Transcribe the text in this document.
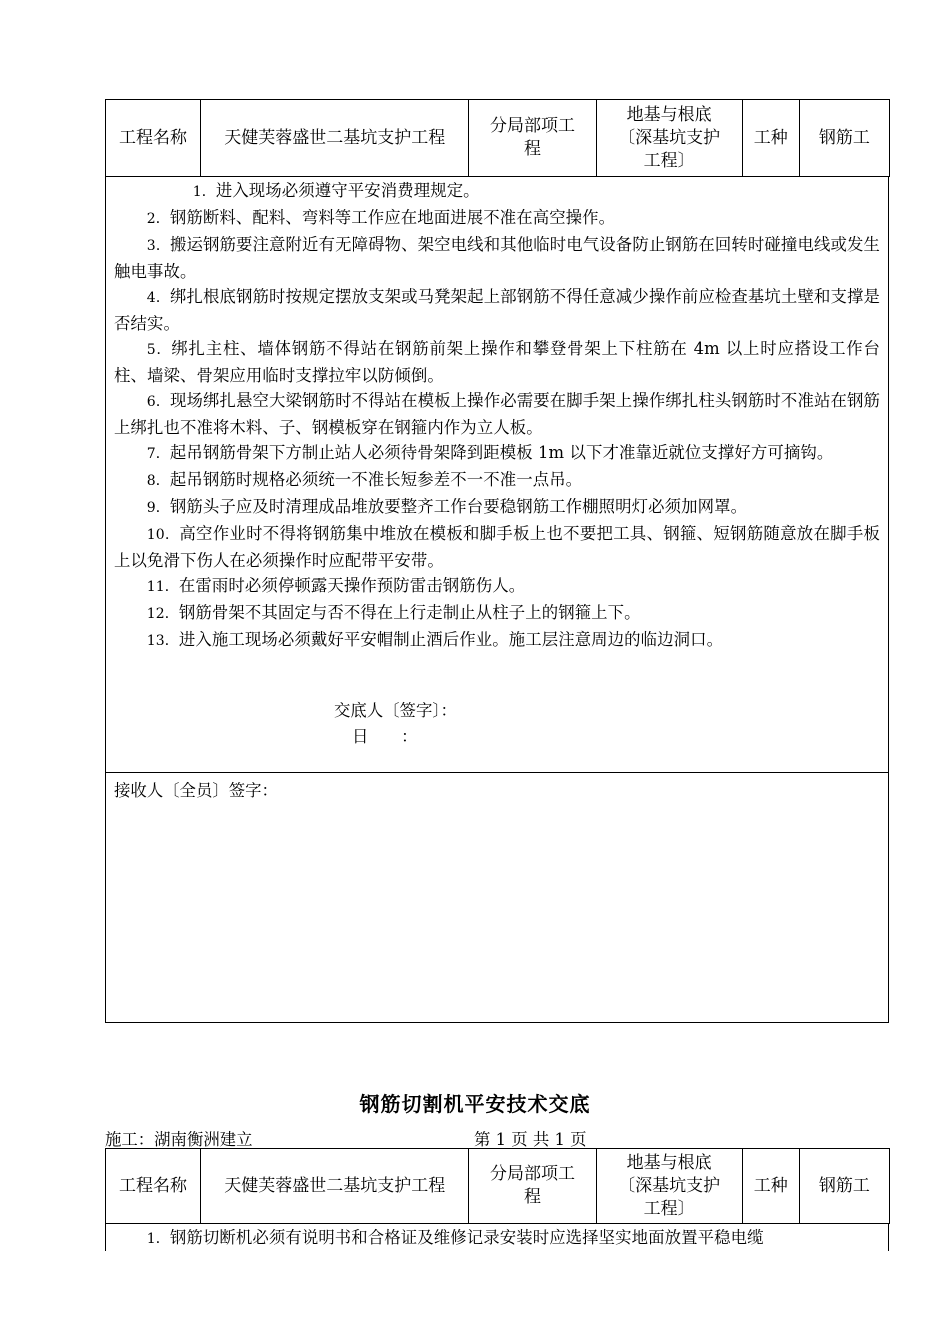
工程名称	天健芙蓉盛世二基坑支护工程	分局部项工程	地基与根底〔深基坑支护工程〕	工种	钢筋工

1．进入现场必须遵守平安消费理规定。

2．钢筋断料、配料、弯料等工作应在地面进展不准在高空操作。

3．搬运钢筋要注意附近有无障碍物、架空电线和其他临时电气设备防止钢筋在回转时碰撞电线或发生触电事故。

4．绑扎根底钢筋时按规定摆放支架或马凳架起上部钢筋不得任意减少操作前应检查基坑土壁和支撑是否结实。

5．绑扎主柱、墙体钢筋不得站在钢筋前架上操作和攀登骨架上下柱筋在 4m 以上时应搭设工作台柱、墙梁、骨架应用临时支撑拉牢以防倾倒。

6．现场绑扎悬空大梁钢筋时不得站在模板上操作必需要在脚手架上操作绑扎柱头钢筋时不准站在钢筋上绑扎也不准将木料、子、钢模板穿在钢箍内作为立人板。

7．起吊钢筋骨架下方制止站人必须待骨架降到距模板 1m 以下才准靠近就位支撑好方可摘钩。

8．起吊钢筋时规格必须统一不准长短参差不一不准一点吊。

9．钢筋头子应及时清理成品堆放要整齐工作台要稳钢筋工作棚照明灯必须加网罩。

10．高空作业时不得将钢筋集中堆放在模板和脚手板上也不要把工具、钢箍、短钢筋随意放在脚手板上以免滑下伤人在必须操作时应配带平安带。

11．在雷雨时必须停顿露天操作预防雷击钢筋伤人。

12．钢筋骨架不其固定与否不得在上行走制止从柱子上的钢箍上下。

13．进入施工现场必须戴好平安帽制止酒后作业。施工层注意周边的临边洞口。

交底人〔签字〕：
日　　：
接收人〔全员〕签字：
钢筋切割机平安技术交底
施工：湖南衡洲建立	第 1 页 共 1 页
工程名称	天健芙蓉盛世二基坑支护工程	分局部项工程	地基与根底〔深基坑支护工程〕	工种	钢筋工

1．钢筋切断机必须有说明书和合格证及维修记录安装时应选择坚实地面放置平稳电缆
